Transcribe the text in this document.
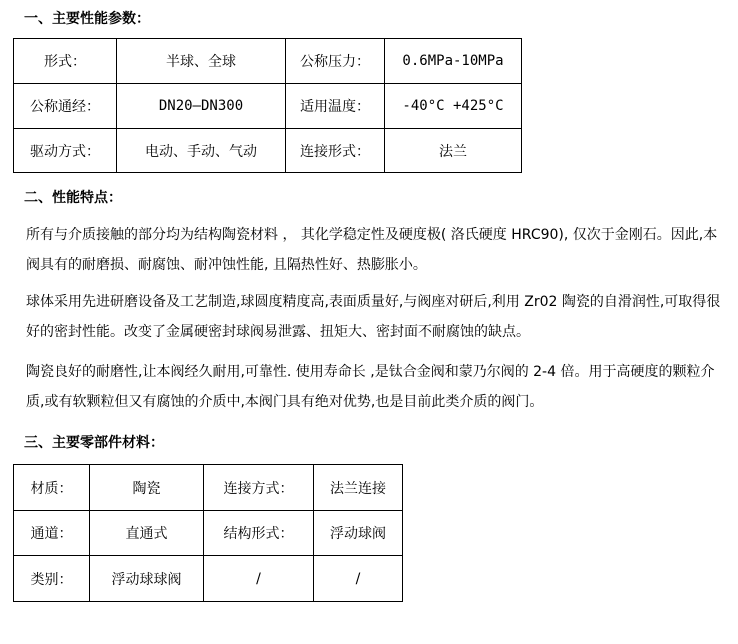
一、主要性能参数：
形式：	半球、全球	公称压力：	0.6MPa-10MPa
公称通经：	DN20—DN300	适用温度：	-40°C +425°C
驱动方式：	电动、手动、气动	连接形式：	法兰
二、性能特点：

所有与介质接触的部分均为结构陶瓷材料 ， 其化学稳定性及硬度极( 洛氏硬度 HRC90), 仅次于金刚石。因此,本阀具有的耐磨损、耐腐蚀、耐冲蚀性能, 且隔热性好、热膨胀小。

球体采用先进研磨设备及工艺制造,球圆度精度高,表面质量好,与阀座对研后,利用 Zr02 陶瓷的自滑润性,可取得很好的密封性能。改变了金属硬密封球阀易泄露、扭矩大、密封面不耐腐蚀的缺点。

陶瓷良好的耐磨性,让本阀经久耐用,可靠性. 使用寿命长 ,是钛合金阀和蒙乃尔阀的 2-4 倍。用于高硬度的颗粒介质,或有软颗粒但又有腐蚀的介质中,本阀门具有绝对优势,也是目前此类介质的阀门。

三、主要零部件材料：
材质：	陶瓷	连接方式：	法兰连接
通道：	直通式	结构形式：	浮动球阀
类别：	浮动球球阀	/	/
